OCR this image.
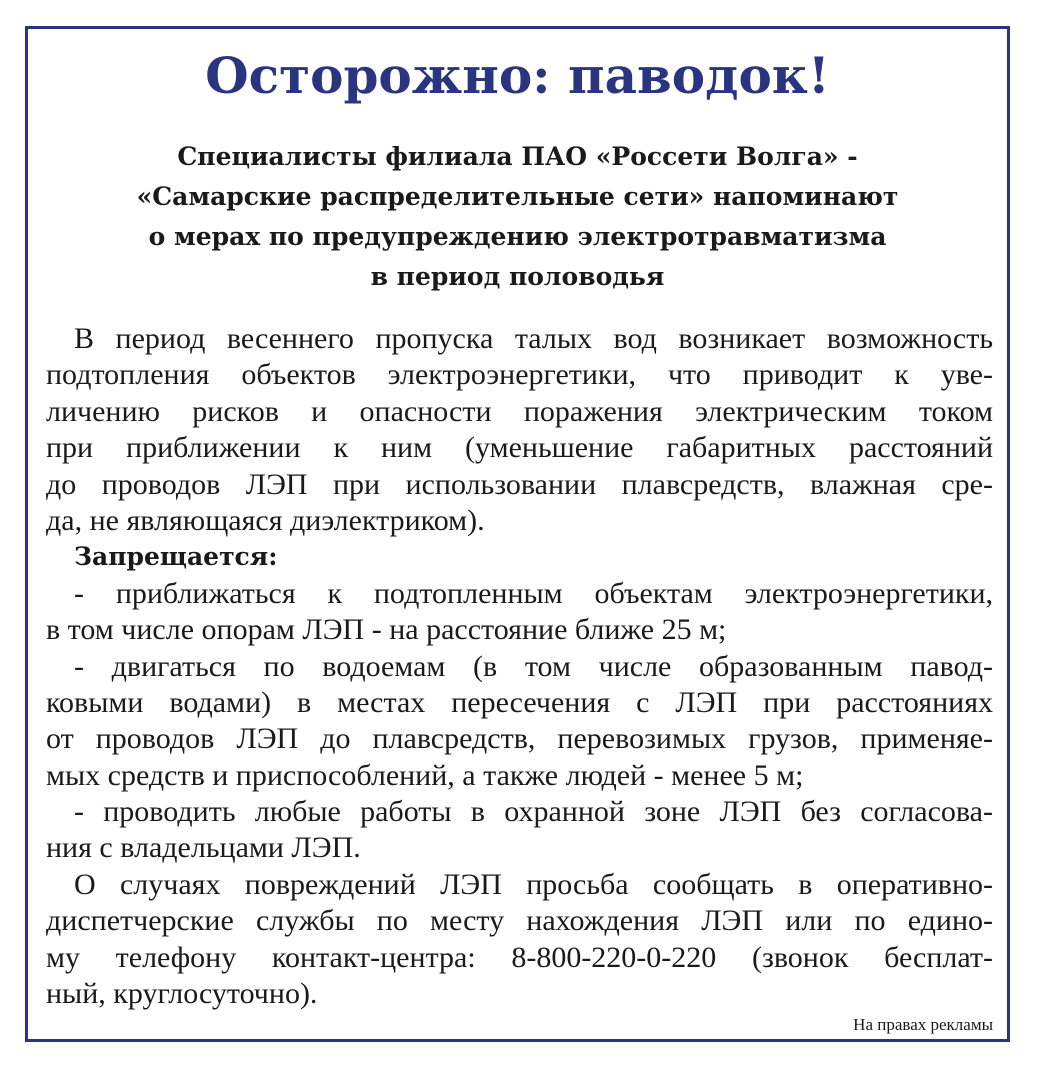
Осторожно: паводок!
Специалисты филиала ПАО «Россети Волга» -
«Самарские распределительные сети» напоминают
о мерах по предупреждению электротравматизма
в период половодья
В период весеннего пропуска талых вод возникает возможность
подтопления объектов электроэнергетики, что приводит к уве-
личению рисков и опасности поражения электрическим током
при приближении к ним (уменьшение габаритных расстояний
до проводов ЛЭП при использовании плавсредств, влажная сре-
да, не являющаяся диэлектриком).
Запрещается:
- приближаться к подтопленным объектам электроэнергетики,
в том числе опорам ЛЭП - на расстояние ближе 25 м;
- двигаться по водоемам (в том числе образованным павод-
ковыми водами) в местах пересечения с ЛЭП при расстояниях
от проводов ЛЭП до плавсредств, перевозимых грузов, применяе-
мых средств и приспособлений, а также людей - менее 5 м;
- проводить любые работы в охранной зоне ЛЭП без согласова-
ния с владельцами ЛЭП.
О случаях повреждений ЛЭП просьба сообщать в оперативно-
диспетчерские службы по месту нахождения ЛЭП или по едино-
му телефону контакт-центра: 8-800-220-0-220 (звонок бесплат-
ный, круглосуточно).
На правах рекламы
